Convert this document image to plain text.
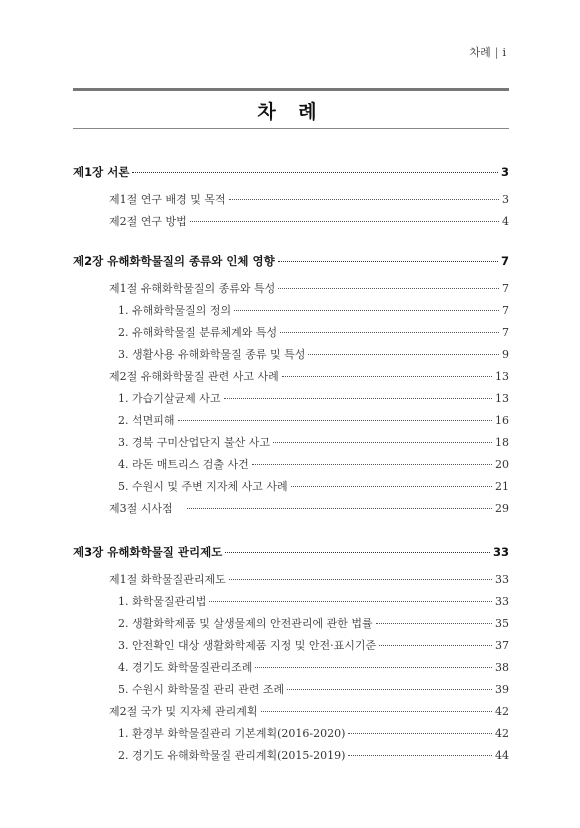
차례 | i
차 례
제1장 서론	3
제1절 연구 배경 및 목적	3
제2절 연구 방법	4
제2장 유해화학물질의 종류와 인체 영향	7
제1절 유해화학물질의 종류와 특성	7
1. 유해화학물질의 정의	7
2. 유해화학물질 분류체계와 특성	7
3. 생활사용 유해화학물질 종류 및 특성	9
제2절 유해화학물질 관련 사고 사례	13
1. 가습기살균제 사고	13
2. 석면피해	16
3. 경북 구미산업단지 불산 사고	18
4. 라돈 매트리스 검출 사건	20
5. 수원시 및 주변 지자체 사고 사례	21
제3절 시사점	29
제3장 유해화학물질 관리제도	33
제1절 화학물질관리제도	33
1. 화학물질관리법	33
2. 생활화학제품 및 살생물제의 안전관리에 관한 법률	35
3. 안전확인 대상 생활화학제품 지정 및 안전·표시기준	37
4. 경기도 화학물질관리조례	38
5. 수원시 화학물질 관리 관련 조례	39
제2절 국가 및 지자체 관리계획	42
1. 환경부 화학물질관리 기본계획(2016-2020)	42
2. 경기도 유해화학물질 관리계획(2015-2019)	44
